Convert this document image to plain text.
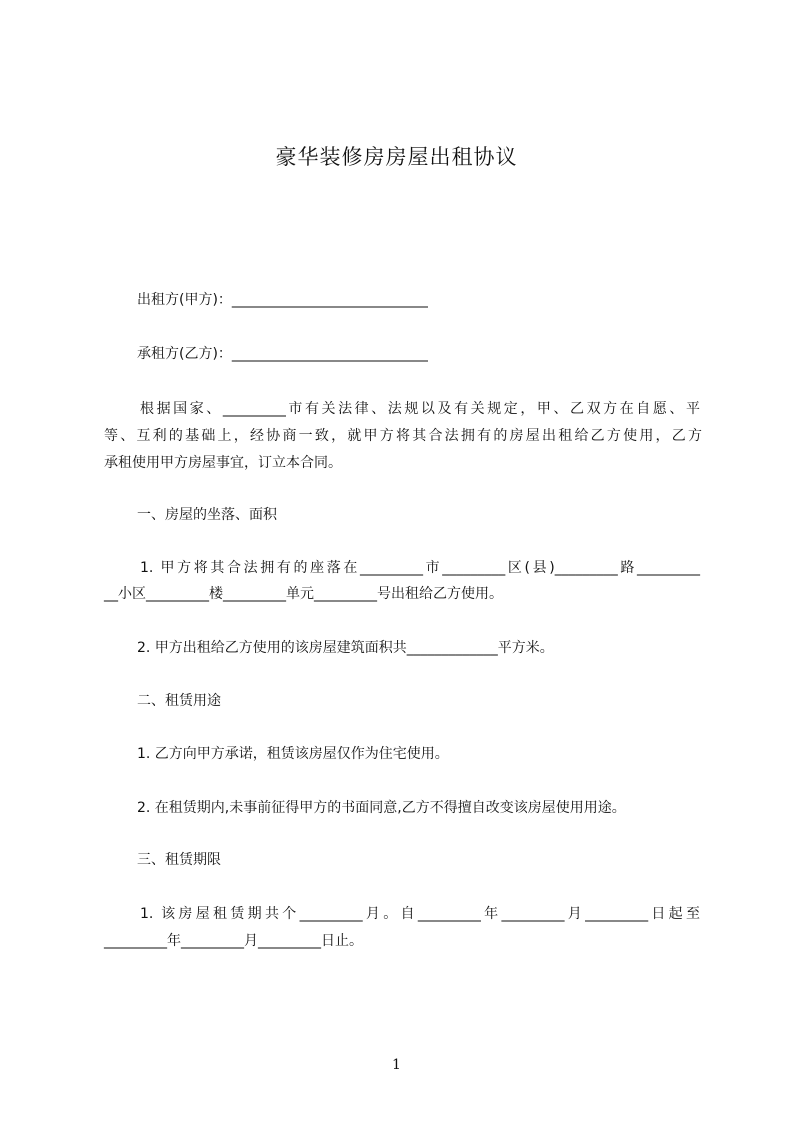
豪华装修房房屋出租协议
出租方(甲方)：____________________________
承租方(乙方)：____________________________
根据国家、_________市有关法律、法规以及有关规定，甲、乙双方在自愿、平
等、互利的基础上，经协商一致，就甲方将其合法拥有的房屋出租给乙方使用，乙方
承租使用甲方房屋事宜，订立本合同。
一、房屋的坐落、面积
1. 甲方将其合法拥有的座落在_________市_________区(县)_________路_________
__小区_________楼_________单元_________号出租给乙方使用。
2. 甲方出租给乙方使用的该房屋建筑面积共_____________平方米。
二、租赁用途
1. 乙方向甲方承诺，租赁该房屋仅作为住宅使用。
2. 在租赁期内,未事前征得甲方的书面同意,乙方不得擅自改变该房屋使用用途。
三、租赁期限
1. 该房屋租赁期共个_________月。自_________年_________月_________日起至
_________年_________月_________日止。
1
